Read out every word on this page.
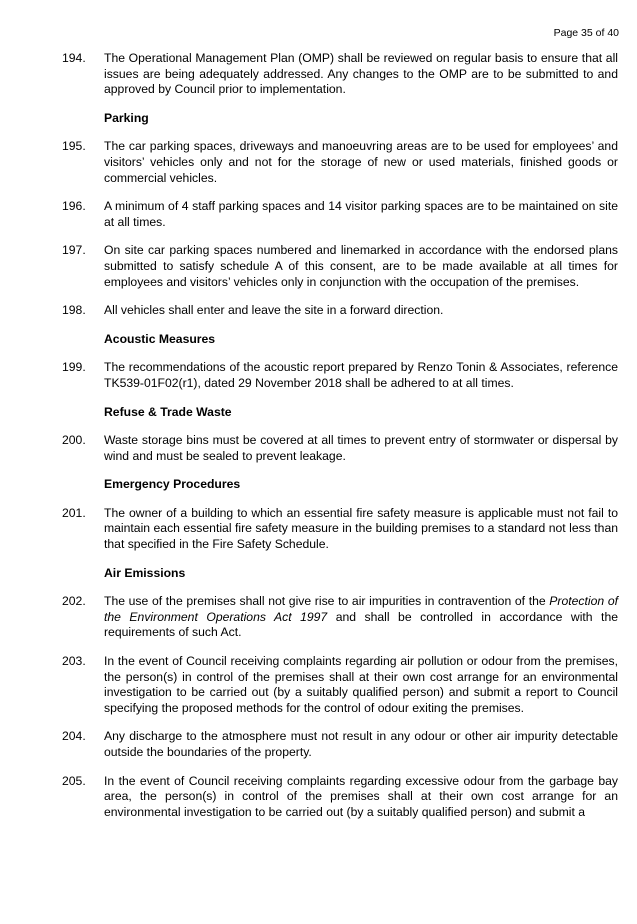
Page 35 of 40
194.	The Operational Management Plan (OMP) shall be reviewed on regular basis to ensure that all issues are being adequately addressed. Any changes to the OMP are to be submitted to and approved by Council prior to implementation.
Parking
195.	The car parking spaces, driveways and manoeuvring areas are to be used for employees’ and visitors’ vehicles only and not for the storage of new or used materials, finished goods or commercial vehicles.
196.	A minimum of 4 staff parking spaces and 14 visitor parking spaces are to be maintained on site at all times.
197.	On site car parking spaces numbered and linemarked in accordance with the endorsed plans submitted to satisfy schedule A of this consent, are to be made available at all times for employees and visitors’ vehicles only in conjunction with the occupation of the premises.
198.	All vehicles shall enter and leave the site in a forward direction.
Acoustic Measures
199.	The recommendations of the acoustic report prepared by Renzo Tonin & Associates, reference TK539-01F02(r1), dated 29 November 2018 shall be adhered to at all times.
Refuse & Trade Waste
200.	Waste storage bins must be covered at all times to prevent entry of stormwater or dispersal by wind and must be sealed to prevent leakage.
Emergency Procedures
201.	The owner of a building to which an essential fire safety measure is applicable must not fail to maintain each essential fire safety measure in the building premises to a standard not less than that specified in the Fire Safety Schedule.
Air Emissions
202.	The use of the premises shall not give rise to air impurities in contravention of the Protection of the Environment Operations Act 1997 and shall be controlled in accordance with the requirements of such Act.
203.	In the event of Council receiving complaints regarding air pollution or odour from the premises, the person(s) in control of the premises shall at their own cost arrange for an environmental investigation to be carried out (by a suitably qualified person) and submit a report to Council specifying the proposed methods for the control of odour exiting the premises.
204.	Any discharge to the atmosphere must not result in any odour or other air impurity detectable outside the boundaries of the property.
205.	In the event of Council receiving complaints regarding excessive odour from the garbage bay area, the person(s) in control of the premises shall at their own cost arrange for an environmental investigation to be carried out (by a suitably qualified person) and submit a
